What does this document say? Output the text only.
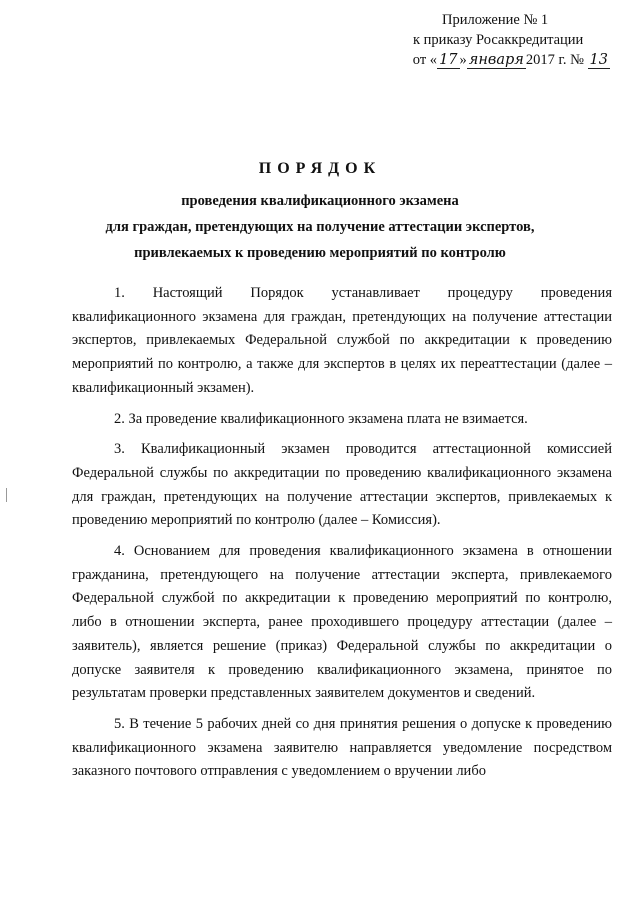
Приложение № 1
к приказу Росаккредитации
от « 17 » января 2017 г. № 13
ПОРЯДОК
проведения квалификационного экзамена
для граждан, претендующих на получение аттестации экспертов,
привлекаемых к проведению мероприятий по контролю

1. Настоящий Порядок устанавливает процедуру проведения квалификационного экзамена для граждан, претендующих на получение аттестации экспертов, привлекаемых Федеральной службой по аккредитации к проведению мероприятий по контролю, а также для экспертов в целях их переаттестации (далее – квалификационный экзамен).

2. За проведение квалификационного экзамена плата не взимается.

3. Квалификационный экзамен проводится аттестационной комиссией Федеральной службы по аккредитации по проведению квалификационного экзамена для граждан, претендующих на получение аттестации экспертов, привлекаемых к проведению мероприятий по контролю (далее – Комиссия).

4. Основанием для проведения квалификационного экзамена в отношении гражданина, претендующего на получение аттестации эксперта, привлекаемого Федеральной службой по аккредитации к проведению мероприятий по контролю, либо в отношении эксперта, ранее проходившего процедуру аттестации (далее – заявитель), является решение (приказ) Федеральной службы по аккредитации о допуске заявителя к проведению квалификационного экзамена, принятое по результатам проверки представленных заявителем документов и сведений.

5. В течение 5 рабочих дней со дня принятия решения о допуске к проведению квалификационного экзамена заявителю направляется уведомление посредством заказного почтового отправления с уведомлением о вручении либо
